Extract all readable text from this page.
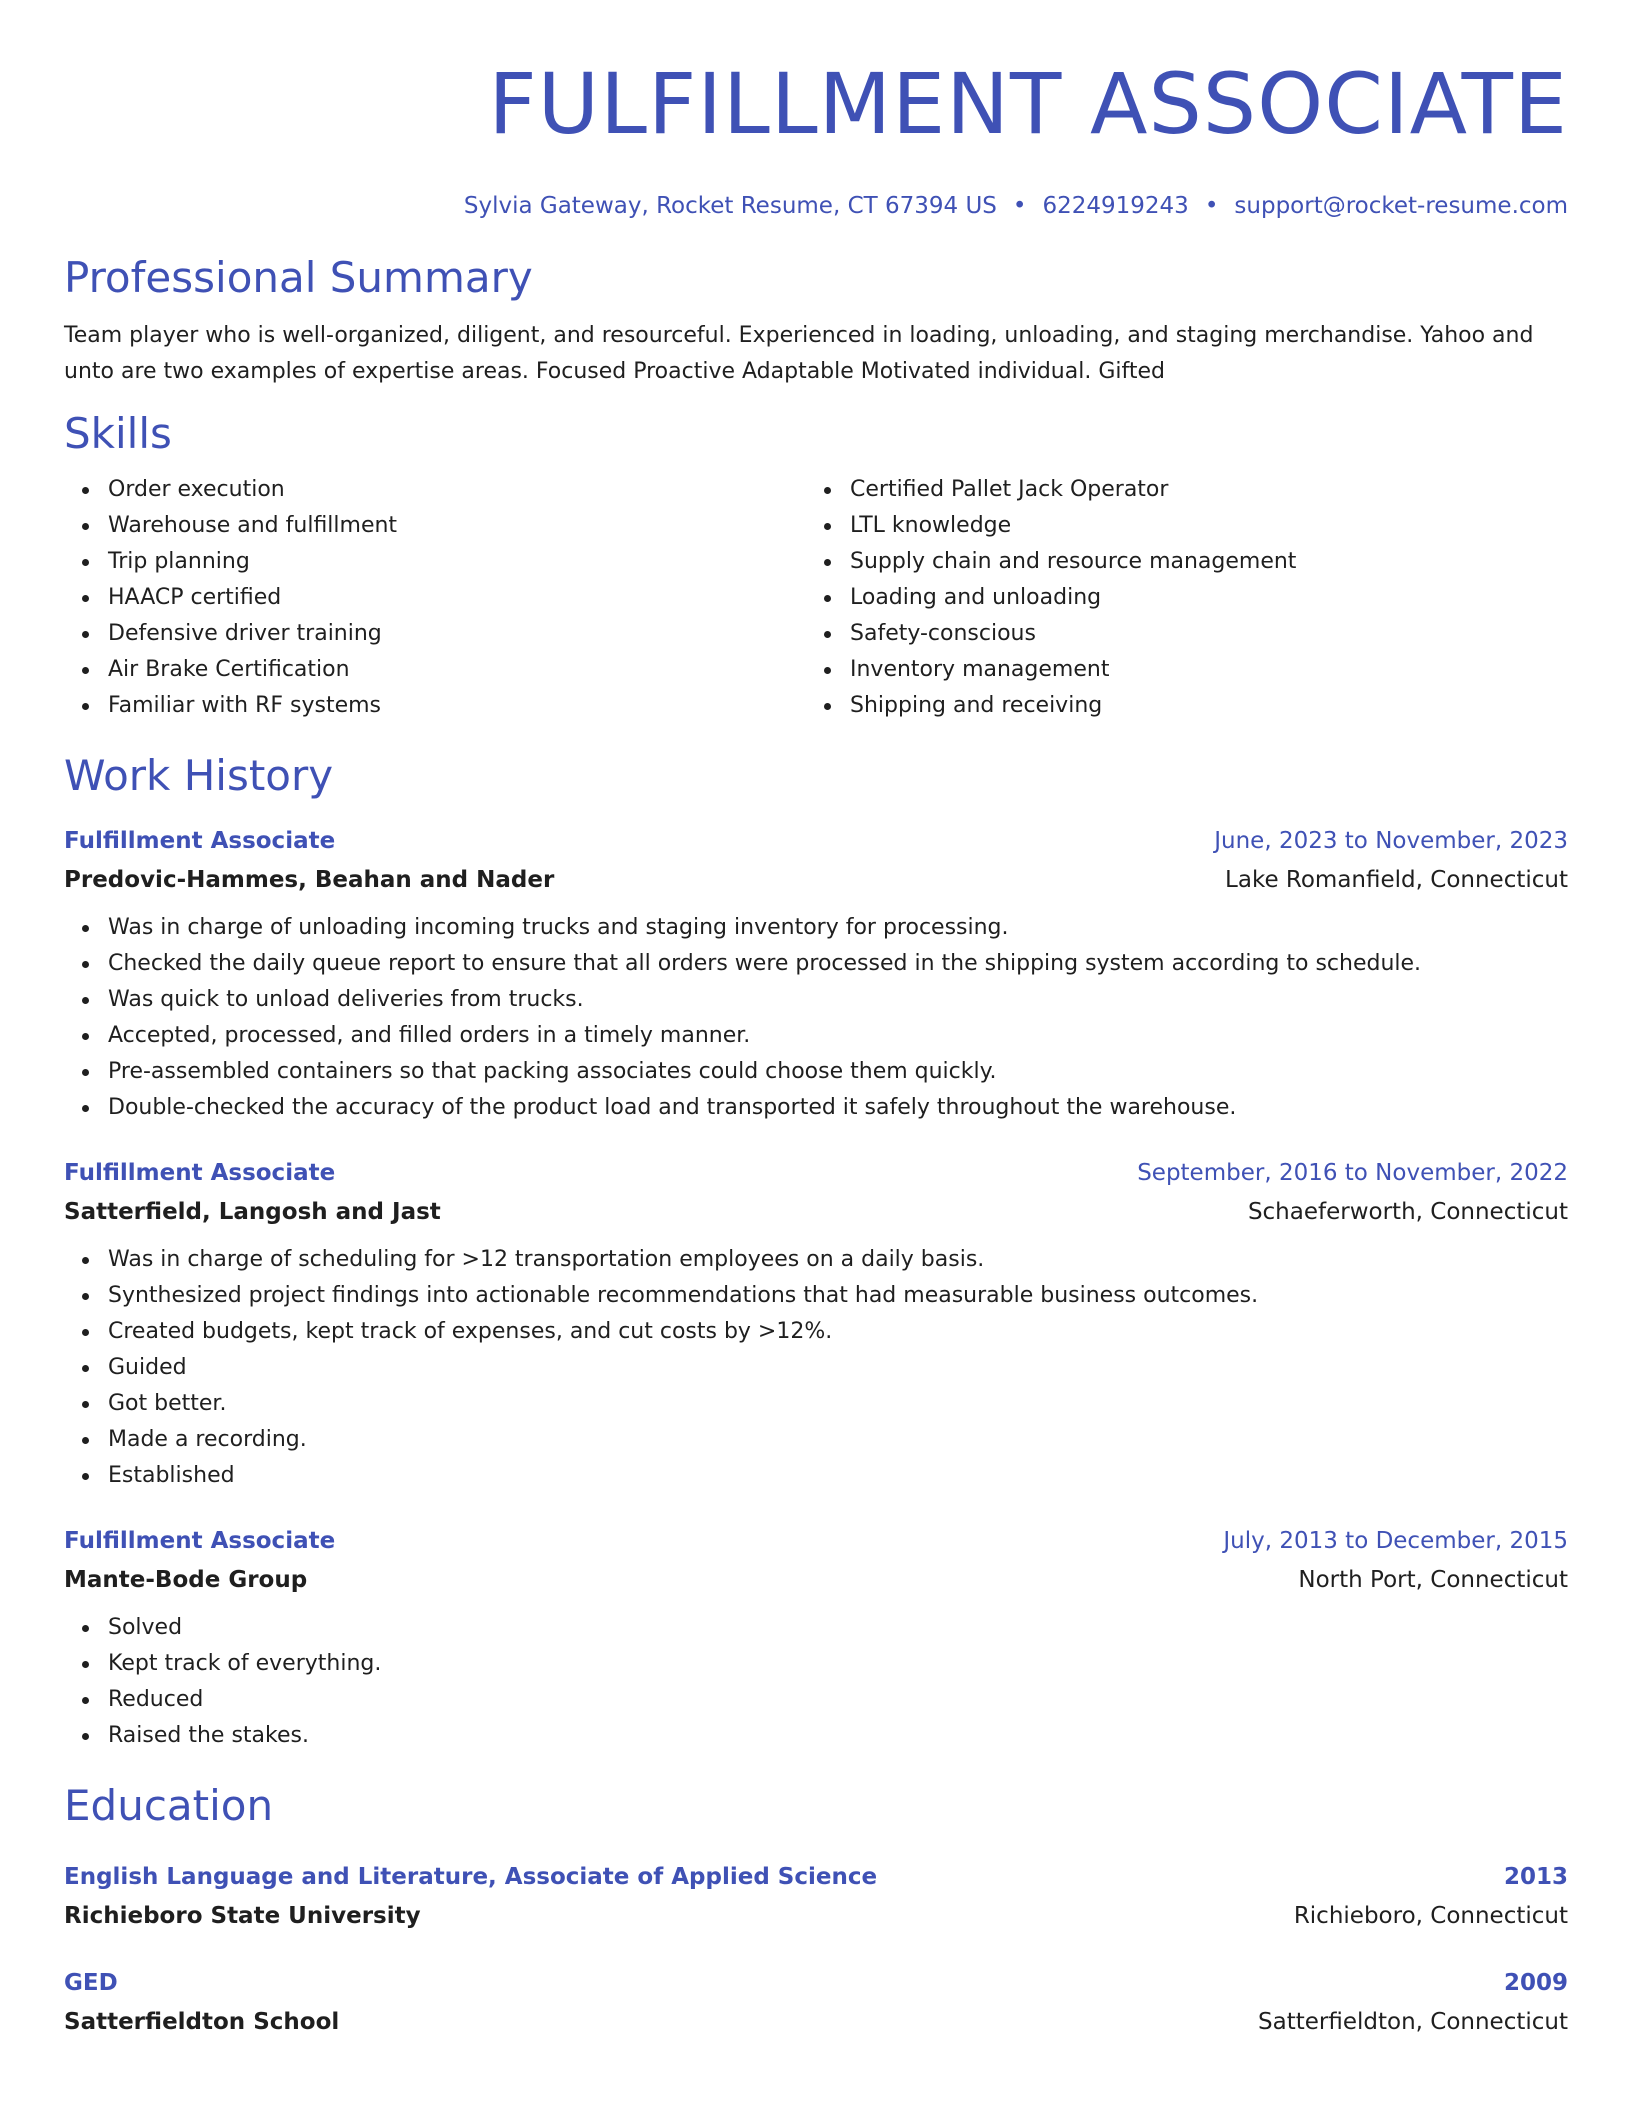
FULFILLMENT ASSOCIATE
Sylvia Gateway, Rocket Resume, CT 67394 US • 6224919243 • support@rocket-resume.com
Professional Summary
Team player who is well-organized, diligent, and resourceful. Experienced in loading, unloading, and staging merchandise. Yahoo and unto are two examples of expertise areas. Focused Proactive Adaptable Motivated individual. Gifted
Skills
Order execution
Warehouse and fulfillment
Trip planning
HAACP certified
Defensive driver training
Air Brake Certification
Familiar with RF systems
Certified Pallet Jack Operator
LTL knowledge
Supply chain and resource management
Loading and unloading
Safety-conscious
Inventory management
Shipping and receiving
Work History
Fulfillment Associate	June, 2023 to November, 2023
Predovic-Hammes, Beahan and Nader	Lake Romanfield, Connecticut
Was in charge of unloading incoming trucks and staging inventory for processing.
Checked the daily queue report to ensure that all orders were processed in the shipping system according to schedule.
Was quick to unload deliveries from trucks.
Accepted, processed, and filled orders in a timely manner.
Pre-assembled containers so that packing associates could choose them quickly.
Double-checked the accuracy of the product load and transported it safely throughout the warehouse.
Fulfillment Associate	September, 2016 to November, 2022
Satterfield, Langosh and Jast	Schaeferworth, Connecticut
Was in charge of scheduling for >12 transportation employees on a daily basis.
Synthesized project findings into actionable recommendations that had measurable business outcomes.
Created budgets, kept track of expenses, and cut costs by >12%.
Guided
Got better.
Made a recording.
Established
Fulfillment Associate	July, 2013 to December, 2015
Mante-Bode Group	North Port, Connecticut
Solved
Kept track of everything.
Reduced
Raised the stakes.
Education
English Language and Literature, Associate of Applied Science	2013
Richieboro State University	Richieboro, Connecticut
GED	2009
Satterfieldton School	Satterfieldton, Connecticut
